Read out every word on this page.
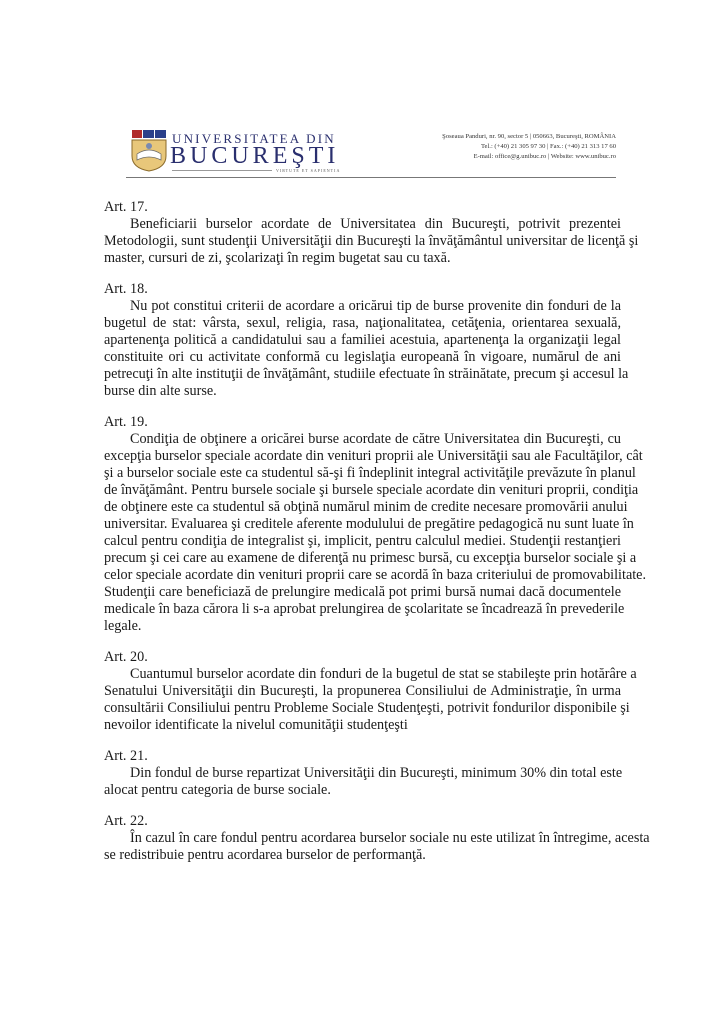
UNIVERSITATEA DIN
BUCUREŞTI
VIRTUTE ET SAPIENTIA
Şoseaua Panduri, nr. 90, sector 5 | 050663, Bucureşti, ROMÂNIA
Tel.: (+40) 21 305 97 30 | Fax.: (+40) 21 313 17 60
E-mail: office@g.unibuc.ro | Website: www.unibuc.ro
Art. 17.
Beneficiarii burselor acordate de Universitatea din Bucureşti, potrivit prezentei
Metodologii, sunt studenţii Universităţii din Bucureşti la învăţământul universitar de licenţă şi
master, cursuri de zi, şcolarizaţi în regim bugetat sau cu taxă.
Art. 18.
Nu pot constitui criterii de acordare a oricărui tip de burse provenite din fonduri de la
bugetul de stat: vârsta, sexul, religia, rasa, naţionalitatea, cetăţenia, orientarea sexuală,
apartenenţa politică a candidatului sau a familiei acestuia, apartenenţa la organizaţii legal
constituite ori cu activitate conformă cu legislaţia europeană în vigoare, numărul de ani
petrecuţi în alte instituţii de învăţământ, studiile efectuate în străinătate, precum şi accesul la
burse din alte surse.
Art. 19.
Condiţia de obţinere a oricărei burse acordate de către Universitatea din Bucureşti, cu
excepţia burselor speciale acordate din venituri proprii ale Universităţii sau ale Facultăţilor, cât
şi a burselor sociale este ca studentul să-şi fi îndeplinit integral activităţile prevăzute în planul
de învăţământ. Pentru bursele sociale şi bursele speciale acordate din venituri proprii, condiţia
de obţinere este ca studentul să obţină numărul minim de credite necesare promovării anului
universitar. Evaluarea şi creditele aferente modulului de pregătire pedagogică nu sunt luate în
calcul pentru condiţia de integralist şi, implicit, pentru calculul mediei. Studenţii restanţieri
precum şi cei care au examene de diferenţă nu primesc bursă, cu excepţia burselor sociale şi a
celor speciale acordate din venituri proprii care se acordă în baza criteriului de promovabilitate.
Studenţii care beneficiază de prelungire medicală pot primi bursă numai dacă documentele
medicale în baza cărora li s-a aprobat prelungirea de şcolaritate se încadrează în prevederile
legale.
Art. 20.
Cuantumul burselor acordate din fonduri de la bugetul de stat se stabileşte prin hotărâre a
Senatului Universităţii din Bucureşti, la propunerea Consiliului de Administraţie, în urma
consultării Consiliului pentru Probleme Sociale Studenţeşti, potrivit fondurilor disponibile şi
nevoilor identificate la nivelul comunităţii studenţeşti
Art. 21.
Din fondul de burse repartizat Universităţii din Bucureşti, minimum 30% din total este
alocat pentru categoria de burse sociale.
Art. 22.
În cazul în care fondul pentru acordarea burselor sociale nu este utilizat în întregime, acesta
se redistribuie pentru acordarea burselor de performanţă.
